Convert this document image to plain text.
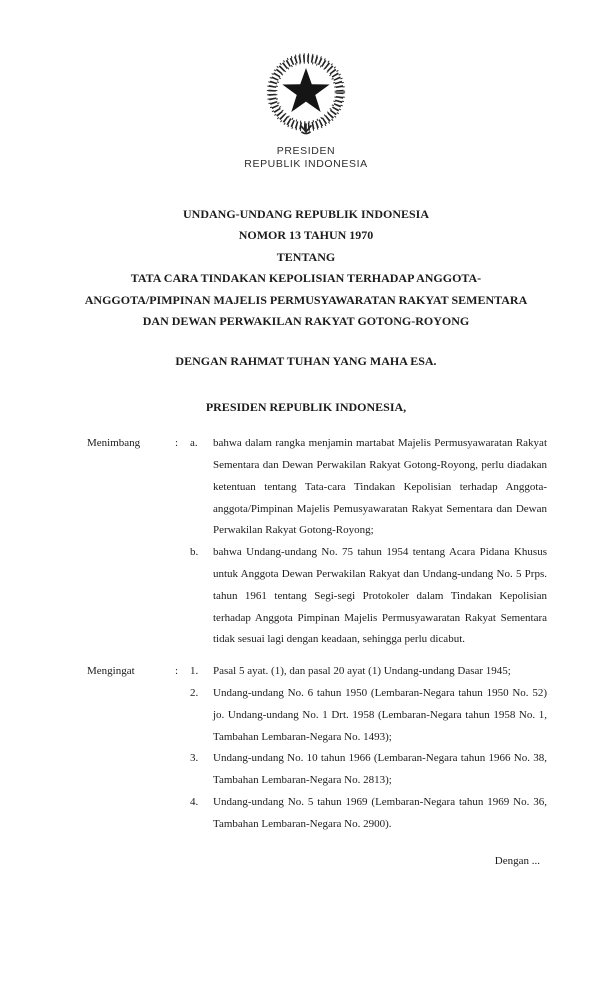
PRESIDEN
REPUBLIK INDONESIA
UNDANG-UNDANG REPUBLIK INDONESIA
NOMOR 13 TAHUN 1970
TENTANG
TATA CARA TINDAKAN KEPOLISIAN TERHADAP ANGGOTA-
ANGGOTA/PIMPINAN MAJELIS PERMUSYAWARATAN RAKYAT SEMENTARA
DAN DEWAN PERWAKILAN RAKYAT GOTONG-ROYONG
DENGAN RAHMAT TUHAN YANG MAHA ESA.
PRESIDEN REPUBLIK INDONESIA,
Menimbang	:	a.	bahwa dalam rangka menjamin martabat Majelis Permusyawaratan Rakyat Sementara dan Dewan Perwakilan Rakyat Gotong-Royong, perlu diadakan ketentuan tentang Tata-cara Tindakan Kepolisian terhadap Anggota-anggota/Pimpinan Majelis Pemusyawaratan Rakyat Sementara dan Dewan Perwakilan Rakyat Gotong-Royong;
b.	bahwa Undang-undang No. 75 tahun 1954 tentang Acara Pidana Khusus untuk Anggota Dewan Perwakilan Rakyat dan Undang-undang No. 5 Prps. tahun 1961 tentang Segi-segi Protokoler dalam Tindakan Kepolisian terhadap Anggota Pimpinan Majelis Permusyawaratan Rakyat Sementara tidak sesuai lagi dengan keadaan, sehingga perlu dicabut.
Mengingat	:	1.	Pasal 5 ayat. (1), dan pasal 20 ayat (1) Undang-undang Dasar 1945;
2.	Undang-undang No. 6 tahun 1950 (Lembaran-Negara tahun 1950 No. 52) jo. Undang-undang No. 1 Drt. 1958 (Lembaran-Negara tahun 1958 No. 1, Tambahan Lembaran-Negara No. 1493);
3.	Undang-undang No. 10 tahun 1966 (Lembaran-Negara tahun 1966 No. 38, Tambahan Lembaran-Negara No. 2813);
4.	Undang-undang No. 5 tahun 1969 (Lembaran-Negara tahun 1969 No. 36, Tambahan Lembaran-Negara No. 2900).
Dengan ...
